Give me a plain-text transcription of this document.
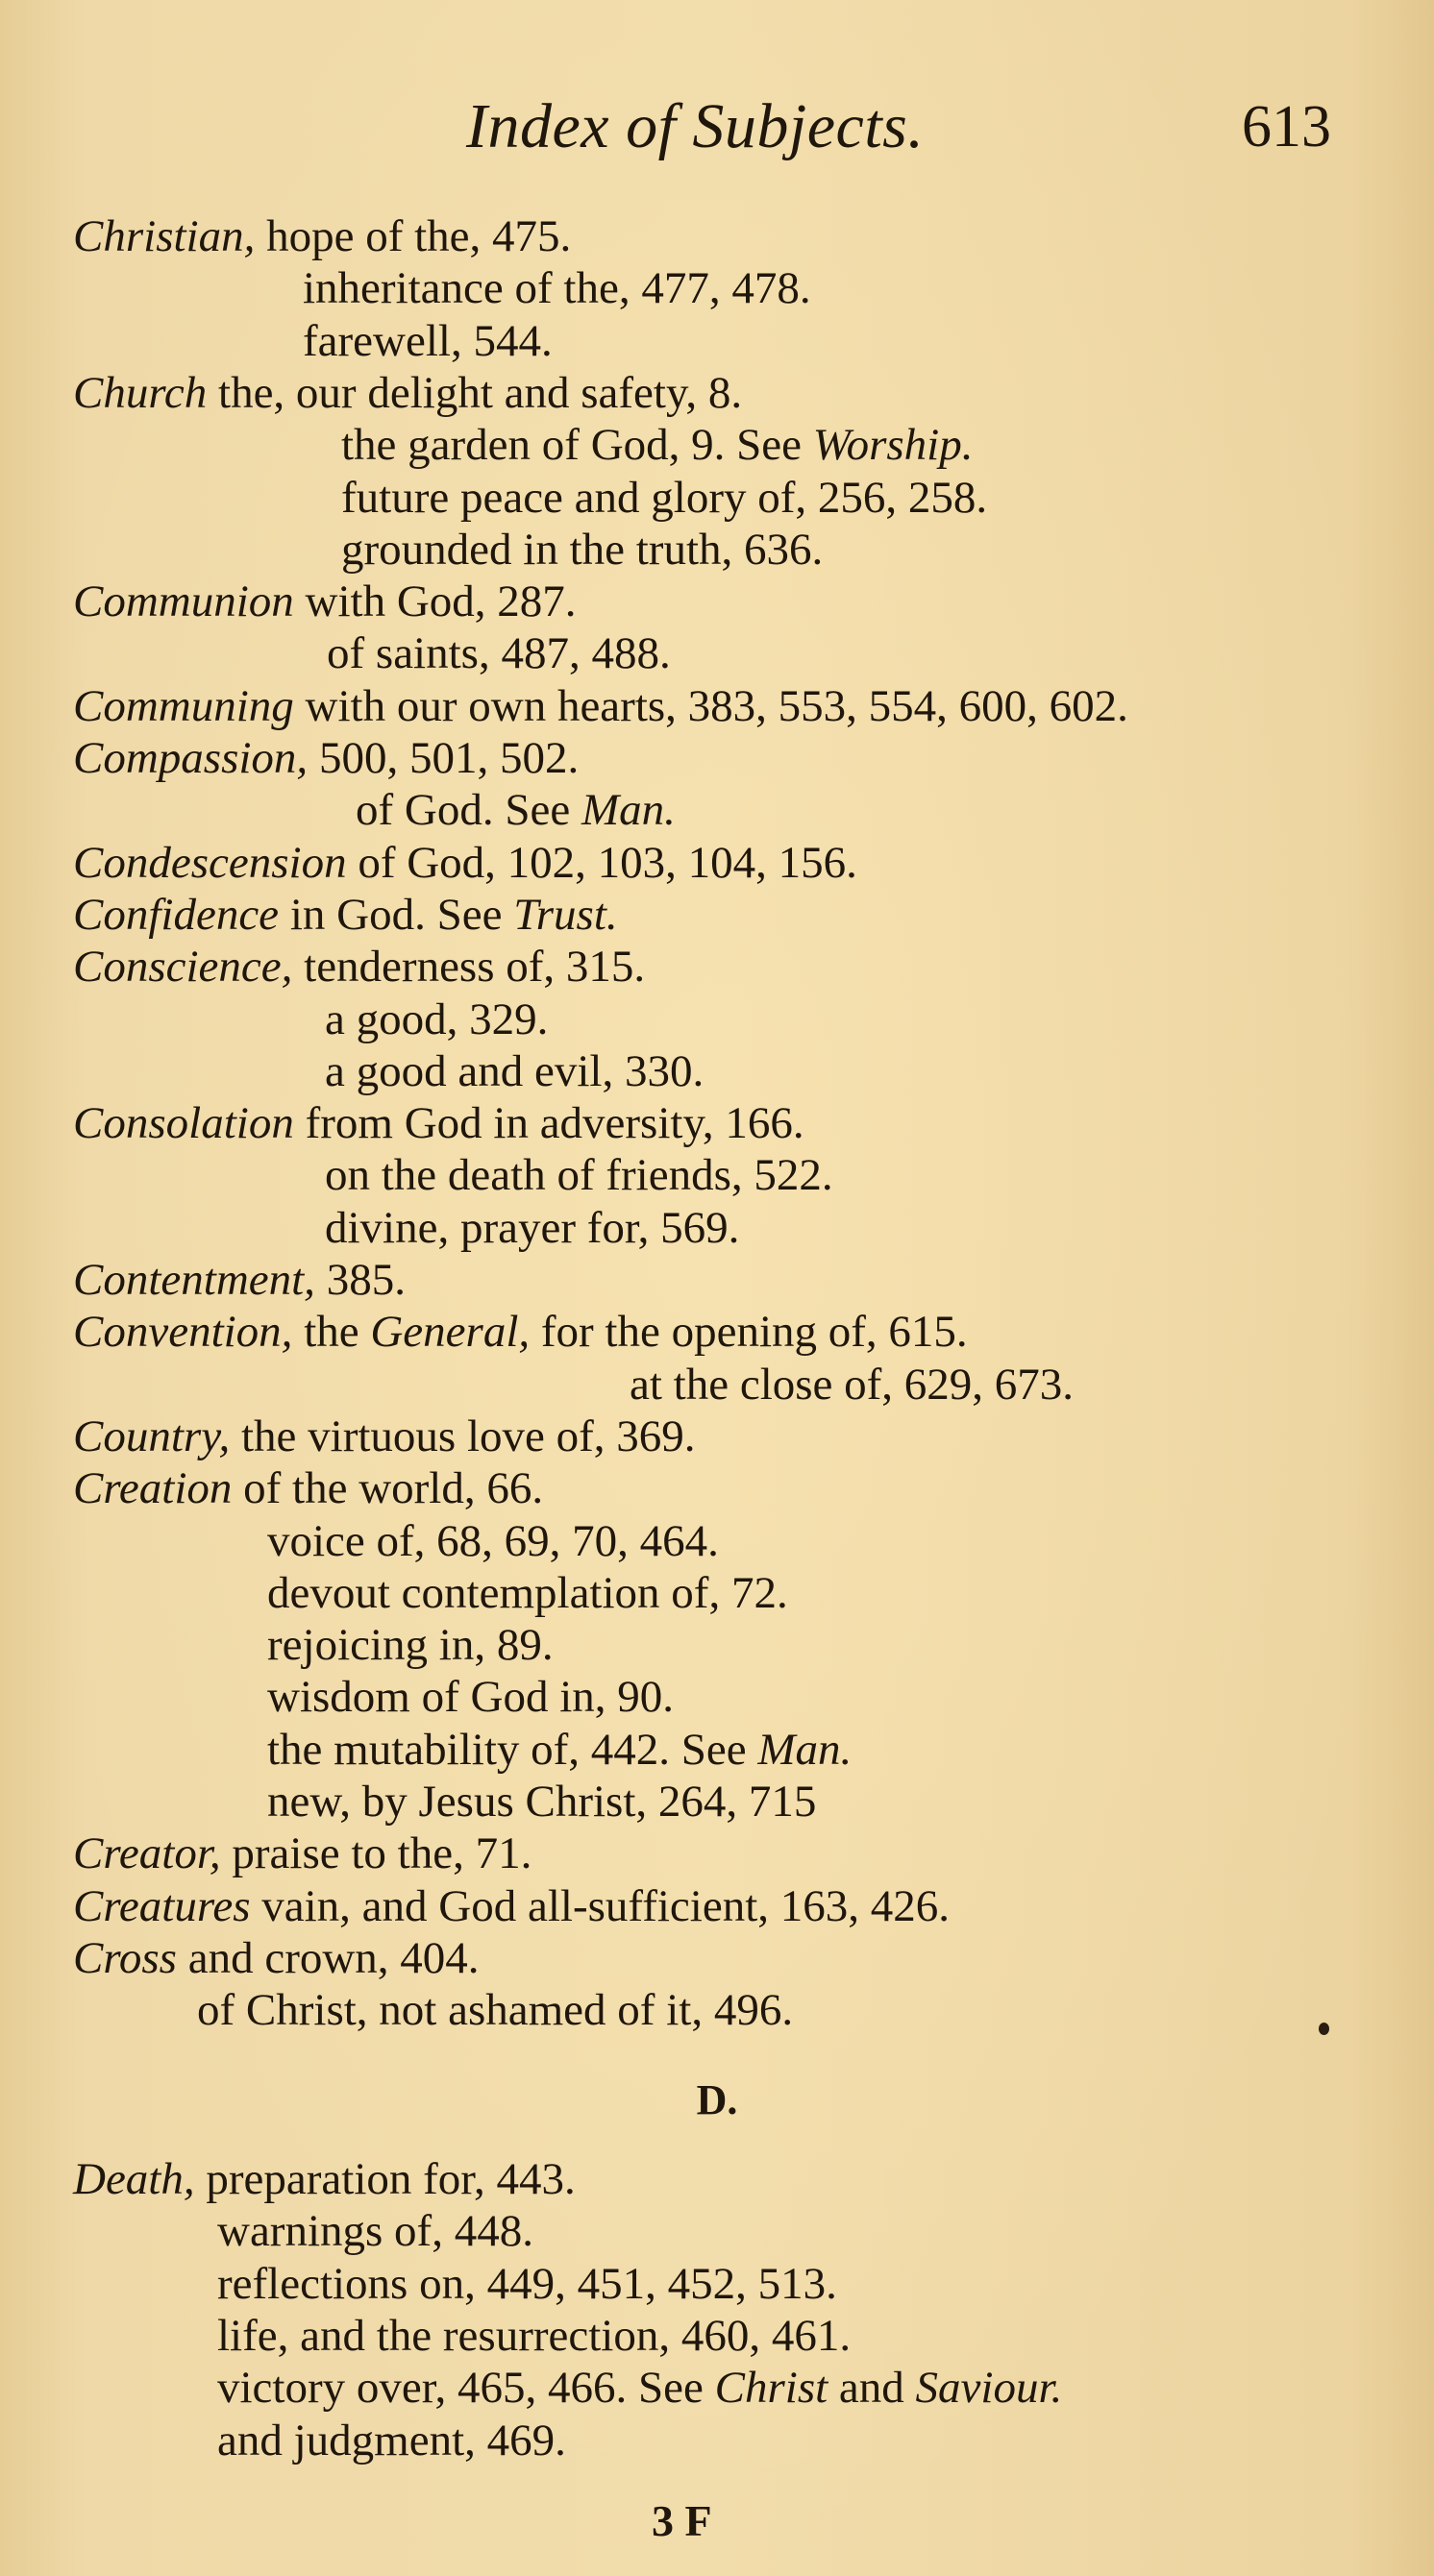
Index of Subjects.	613
Christian, hope of the, 475.
inheritance of the, 477, 478.
farewell, 544.
Church the, our delight and safety, 8.
the garden of God, 9. See Worship.
future peace and glory of, 256, 258.
grounded in the truth, 636.
Communion with God, 287.
of saints, 487, 488.
Communing with our own hearts, 383, 553, 554, 600, 602.
Compassion, 500, 501, 502.
of God. See Man.
Condescension of God, 102, 103, 104, 156.
Confidence in God. See Trust.
Conscience, tenderness of, 315.
a good, 329.
a good and evil, 330.
Consolation from God in adversity, 166.
on the death of friends, 522.
divine, prayer for, 569.
Contentment, 385.
Convention, the General, for the opening of, 615.
at the close of, 629, 673.
Country, the virtuous love of, 369.
Creation of the world, 66.
voice of, 68, 69, 70, 464.
devout contemplation of, 72.
rejoicing in, 89.
wisdom of God in, 90.
the mutability of, 442. See Man.
new, by Jesus Christ, 264, 715
Creator, praise to the, 71.
Creatures vain, and God all-sufficient, 163, 426.
Cross and crown, 404.
of Christ, not ashamed of it, 496.
D.
Death, preparation for, 443.
warnings of, 448.
reflections on, 449, 451, 452, 513.
life, and the resurrection, 460, 461.
victory over, 465, 466. See Christ and Saviour.
and judgment, 469.
3 F
